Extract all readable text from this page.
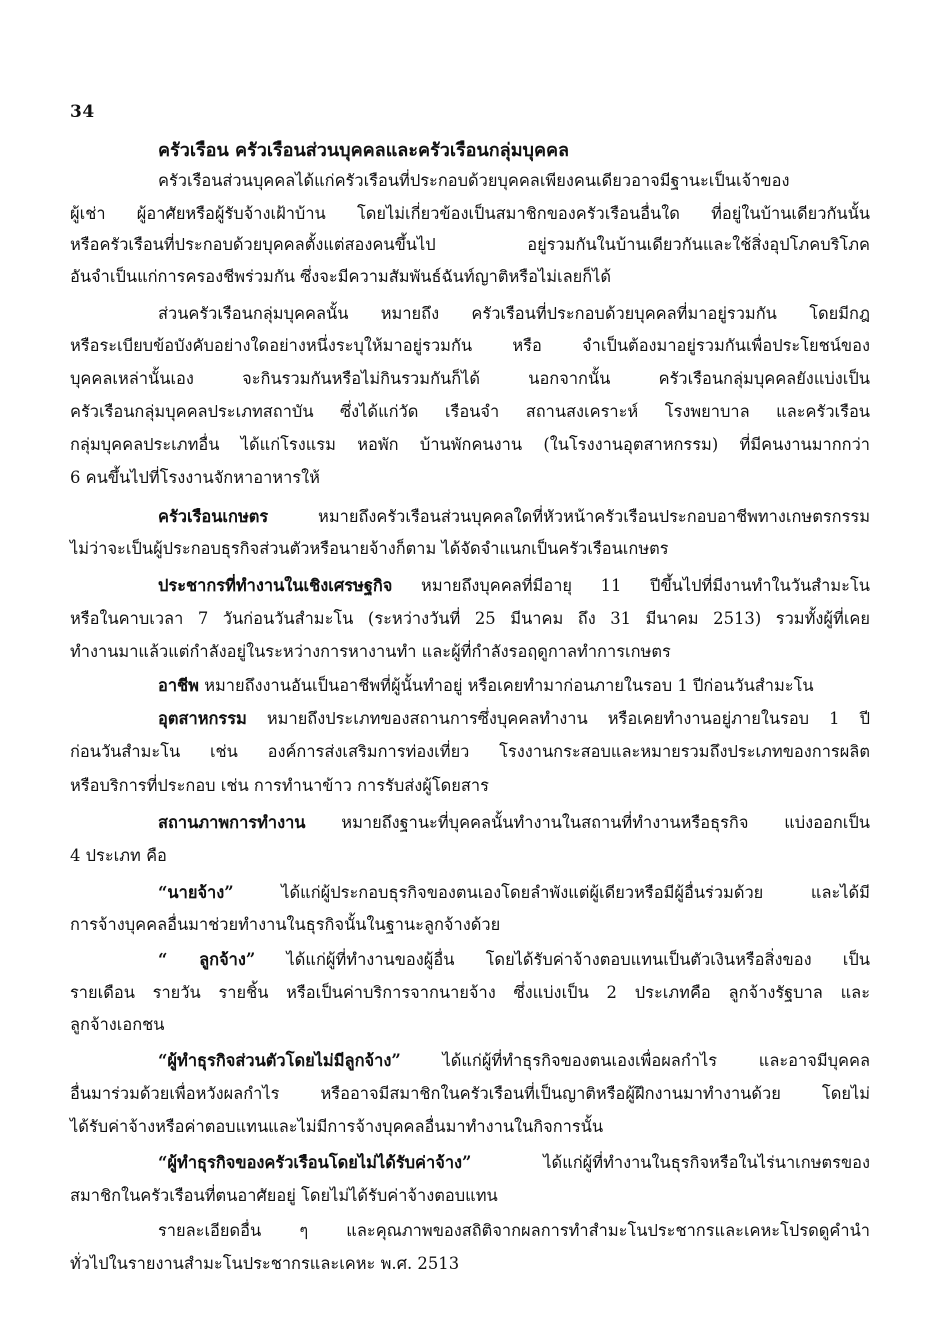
34
ครัวเรือน ครัวเรือนส่วนบุคคลและครัวเรือนกลุ่มบุคคล
ครัวเรือนส่วนบุคคลได้แก่ครัวเรือนที่ประกอบด้วยบุคคลเพียงคนเดียวอาจมีฐานะเป็นเจ้าของ
ผู้เช่า ผู้อาศัยหรือผู้รับจ้างเฝ้าบ้าน โดยไม่เกี่ยวข้องเป็นสมาชิกของครัวเรือนอื่นใด ที่อยู่ในบ้านเดียวกันนั้น
หรือครัวเรือนที่ประกอบด้วยบุคคลตั้งแต่สองคนขึ้นไป อยู่รวมกันในบ้านเดียวกันและใช้สิ่งอุปโภคบริโภค
อันจำเป็นแก่การครองชีพร่วมกัน ซึ่งจะมีความสัมพันธ์ฉันท์ญาติหรือไม่เลยก็ได้
ส่วนครัวเรือนกลุ่มบุคคลนั้น หมายถึง ครัวเรือนที่ประกอบด้วยบุคคลที่มาอยู่รวมกัน โดยมีกฎ
หรือระเบียบข้อบังคับอย่างใดอย่างหนึ่งระบุให้มาอยู่รวมกัน หรือ จำเป็นต้องมาอยู่รวมกันเพื่อประโยชน์ของ
บุคคลเหล่านั้นเอง จะกินรวมกันหรือไม่กินรวมกันก็ได้ นอกจากนั้น ครัวเรือนกลุ่มบุคคลยังแบ่งเป็น
ครัวเรือนกลุ่มบุคคลประเภทสถาบัน ซึ่งได้แก่วัด เรือนจำ สถานสงเคราะห์ โรงพยาบาล และครัวเรือน
กลุ่มบุคคลประเภทอื่น ได้แก่โรงแรม หอพัก บ้านพักคนงาน (ในโรงงานอุตสาหกรรม) ที่มีคนงานมากกว่า
6 คนขึ้นไปที่โรงงานจักหาอาหารให้
ครัวเรือนเกษตร หมายถึงครัวเรือนส่วนบุคคลใดที่หัวหน้าครัวเรือนประกอบอาชีพทางเกษตรกรรม
ไม่ว่าจะเป็นผู้ประกอบธุรกิจส่วนตัวหรือนายจ้างก็ตาม ได้จัดจำแนกเป็นครัวเรือนเกษตร
ประชากรที่ทำงานในเชิงเศรษฐกิจ หมายถึงบุคคลที่มีอายุ 11 ปีขึ้นไปที่มีงานทำในวันสำมะโน
หรือในคาบเวลา 7 วันก่อนวันสำมะโน (ระหว่างวันที่ 25 มีนาคม ถึง 31 มีนาคม 2513) รวมทั้งผู้ที่เคย
ทำงานมาแล้วแต่กำลังอยู่ในระหว่างการหางานทำ และผู้ที่กำลังรอฤดูกาลทำการเกษตร
อาชีพ หมายถึงงานอันเป็นอาชีพที่ผู้นั้นทำอยู่ หรือเคยทำมาก่อนภายในรอบ 1 ปีก่อนวันสำมะโน
อุตสาหกรรม หมายถึงประเภทของสถานการซึ่งบุคคลทำงาน หรือเคยทำงานอยู่ภายในรอบ 1 ปี
ก่อนวันสำมะโน เช่น องค์การส่งเสริมการท่องเที่ยว โรงงานกระสอบและหมายรวมถึงประเภทของการผลิต
หรือบริการที่ประกอบ เช่น การทำนาข้าว การรับส่งผู้โดยสาร
สถานภาพการทำงาน หมายถึงฐานะที่บุคคลนั้นทำงานในสถานที่ทำงานหรือธุรกิจ แบ่งออกเป็น
4 ประเภท คือ
“นายจ้าง” ได้แก่ผู้ประกอบธุรกิจของตนเองโดยลำพังแต่ผู้เดียวหรือมีผู้อื่นร่วมด้วย และได้มี
การจ้างบุคคลอื่นมาช่วยทำงานในธุรกิจนั้นในฐานะลูกจ้างด้วย
“ ลูกจ้าง” ได้แก่ผู้ที่ทำงานของผู้อื่น โดยได้รับค่าจ้างตอบแทนเป็นตัวเงินหรือสิ่งของ เป็น
รายเดือน รายวัน รายชิ้น หรือเป็นค่าบริการจากนายจ้าง ซึ่งแบ่งเป็น 2 ประเภทคือ ลูกจ้างรัฐบาล และ
ลูกจ้างเอกชน
“ผู้ทำธุรกิจส่วนตัวโดยไม่มีลูกจ้าง” ได้แก่ผู้ที่ทำธุรกิจของตนเองเพื่อผลกำไร และอาจมีบุคคล
อื่นมาร่วมด้วยเพื่อหวังผลกำไร หรืออาจมีสมาชิกในครัวเรือนที่เป็นญาติหรือผู้ฝึกงานมาทำงานด้วย โดยไม่
ได้รับค่าจ้างหรือค่าตอบแทนและไม่มีการจ้างบุคคลอื่นมาทำงานในกิจการนั้น
“ผู้ทำธุรกิจของครัวเรือนโดยไม่ได้รับค่าจ้าง” ได้แก่ผู้ที่ทำงานในธุรกิจหรือในไร่นาเกษตรของ
สมาชิกในครัวเรือนที่ตนอาศัยอยู่ โดยไม่ได้รับค่าจ้างตอบแทน
รายละเอียดอื่น ๆ และคุณภาพของสถิติจากผลการทำสำมะโนประชากรและเคหะโปรดดูคำนำ
ทั่วไปในรายงานสำมะโนประชากรและเคหะ พ.ศ. 2513
